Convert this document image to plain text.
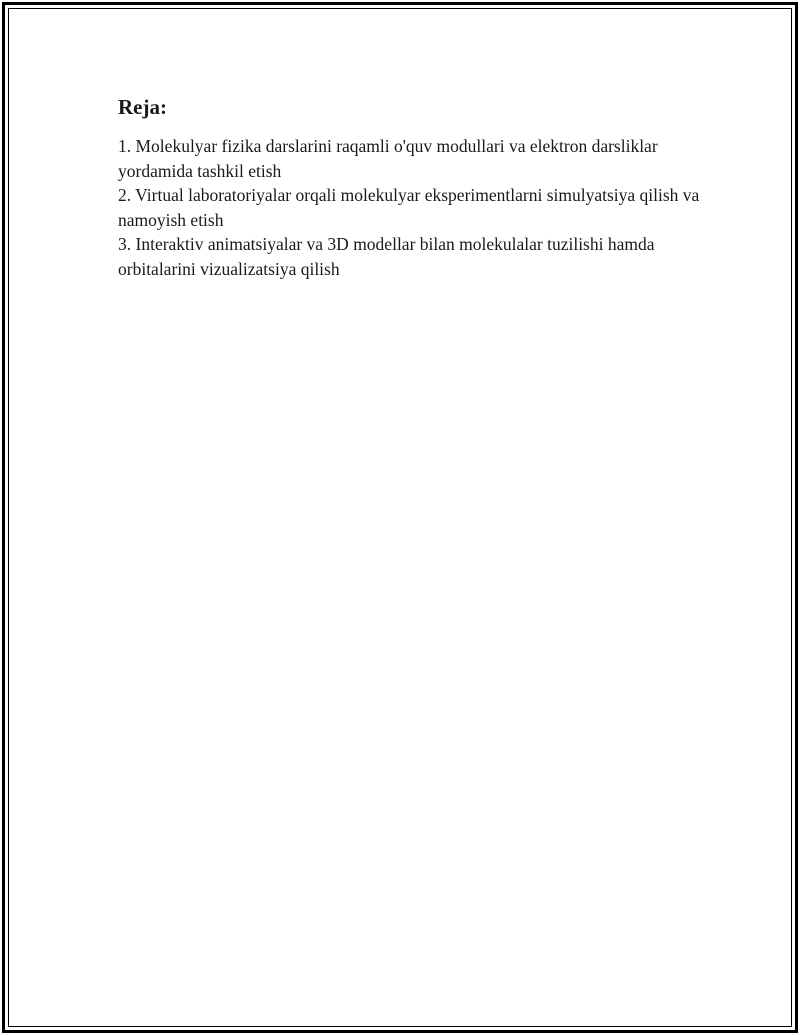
Reja:

1. Molekulyar fizika darslarini raqamli o'quv modullari va elektron darsliklar yordamida tashkil etish

2. Virtual laboratoriyalar orqali molekulyar eksperimentlarni simulyatsiya qilish va namoyish etish

3. Interaktiv animatsiyalar va 3D modellar bilan molekulalar tuzilishi hamda orbitalarini vizualizatsiya qilish
